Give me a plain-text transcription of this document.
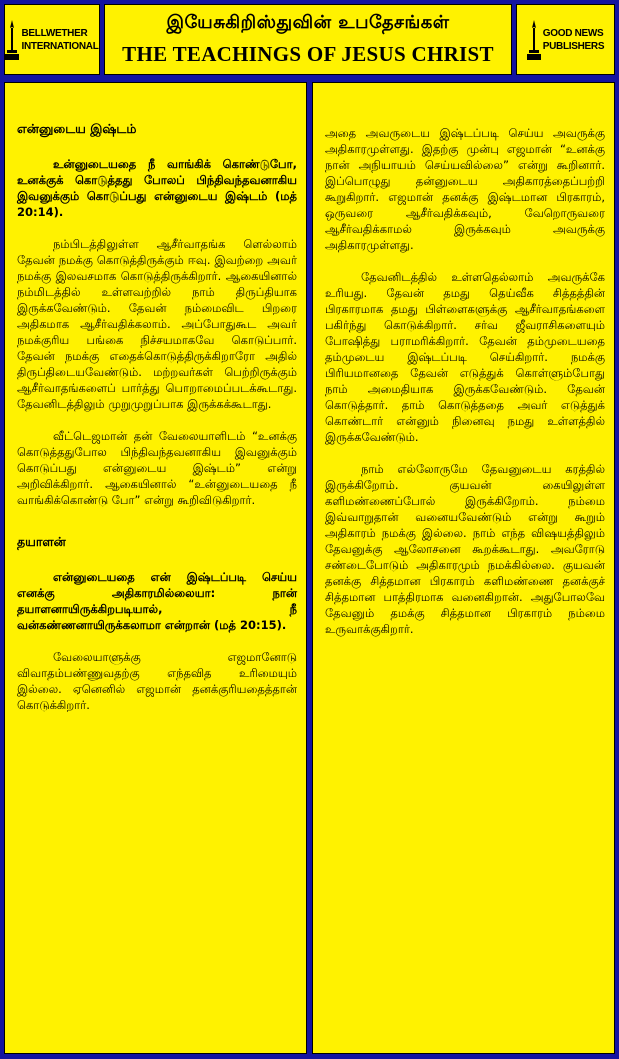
BELLWETHER
INTERNATIONAL
இயேசுகிறிஸ்துவின் உபதேசங்கள்
THE TEACHINGS OF JESUS CHRIST
GOOD NEWS
PUBLISHERS
என்னுடைய இஷ்டம்

உன்னுடையதை நீ வாங்கிக் கொண்டுபோ, உனக்குக் கொடுத்தது போலப் பிந்திவந்தவனாகிய இவனுக்கும் கொடுப்பது என்னுடைய இஷ்டம் (மத் 20:14).

நம்பிடத்திலுள்ள ஆசீர்வாதங்க ளெல்லாம் தேவன் நமக்கு கொடுத்திருக்கும் ஈவு. இவற்றை அவர் நமக்கு இலவசமாக கொடுத்திருக்கிறார். ஆகையினால் நம்மிடத்தில் உள்ளவற்றில் நாம் திருப்தியாக இருக்கவேண்டும். தேவன் நம்மைவிட பிறரை அதிகமாக ஆசீர்வதிக்கலாம். அப்போதுகூட அவர் நமக்குரிய பங்கை நிச்சயமாகவே கொடுப்பார். தேவன் நமக்கு எதைக்கொடுத்திருக்கிறாரோ அதில் திருப்திடையவேண்டும். மற்றவர்கள் பெற்றிருக்கும் ஆசீர்வாதங்களைப் பார்த்து பொறாமைப்படக்கூடாது. தேவனிடத்திலும் முறுமுறுப்பாக இருக்கக்கூடாது.

வீட்டெஜமான் தன் வேலையாளிடம் “உனக்கு கொடுத்ததுபோல பிந்திவந்தவனாகிய இவனுக்கும் கொடுப்பது என்னுடைய இஷ்டம்” என்று அறிவிக்கிறார். ஆகையினால் “உன்னுடையதை நீ வாங்கிக்கொண்டு போ” என்று கூறிவிடுகிறார்.

தயாளன்

என்னுடையதை என் இஷ்டப்படி செய்ய எனக்கு அதிகாரமில்லையா: நான் தயாளனாயிருக்கிறபடியால், நீ வன்கண்ணனாயிருக்கலாமா என்றான் (மத் 20:15).

வேலையாளுக்கு எஜமானோடு விவாதம்பண்ணுவதற்கு எந்தவித உரிமையும் இல்லை. ஏனெனில் எஜமான் தனக்குரியதைத்தான் கொடுக்கிறார்.

அதை அவருடைய இஷ்டப்படி செய்ய அவருக்கு அதிகாரமுள்ளது. இதற்கு முன்பு எஜமான் “உனக்கு நான் அநியாயம் செய்யவில்லை” என்று கூறினார். இப்பொழுது தன்னுடைய அதிகாரத்தைப்பற்றி கூறுகிறார். எஜமான் தனக்கு இஷ்டமான பிரகாரம், ஒருவரை ஆசீர்வதிக்கவும், வேறொருவரை ஆசீர்வதிக்காமல் இருக்கவும் அவருக்கு அதிகாரமுள்ளது.

தேவனிடத்தில் உள்ளதெல்லாம் அவருக்கே உரியது. தேவன் தமது தெய்வீக சித்தத்தின் பிரகாரமாக தமது பிள்ளைகளுக்கு ஆசீர்வாதங்களை பகிர்ந்து கொடுக்கிறார். சர்வ ஜீவராசிகளையும் போஷித்து பராமரிக்கிறார். தேவன் தம்முடையதை தம்முடைய இஷ்டப்படி செய்கிறார். நமக்கு பிரியமானதை தேவன் எடுத்துக் கொள்ளும்போது நாம் அமைதியாக இருக்கவேண்டும். தேவன் கொடுத்தார். தாம் கொடுத்ததை அவர் எடுத்துக் கொண்டார் என்னும் நினைவு நமது உள்ளத்தில் இருக்கவேண்டும்.

நாம் எல்லோருமே தேவனுடைய கரத்தில் இருக்கிறோம். குயவன் கையிலுள்ள களிமண்ணைப்போல் இருக்கிறோம். நம்மை இவ்வாறுதான் வனையவேண்டும் என்று கூறும் அதிகாரம் நமக்கு இல்லை. நாம் எந்த விஷயத்திலும் தேவனுக்கு ஆலோசனை கூறக்கூடாது. அவரோடு சண்டைபோடும் அதிகாரமும் நமக்கில்லை. குயவன் தனக்கு சித்தமான பிரகாரம் களிமண்ணை தனக்குச் சித்தமான பாத்திரமாக வனைகிறான். அதுபோலவே தேவனும் தமக்கு சித்தமான பிரகாரம் நம்மை உருவாக்குகிறார்.
